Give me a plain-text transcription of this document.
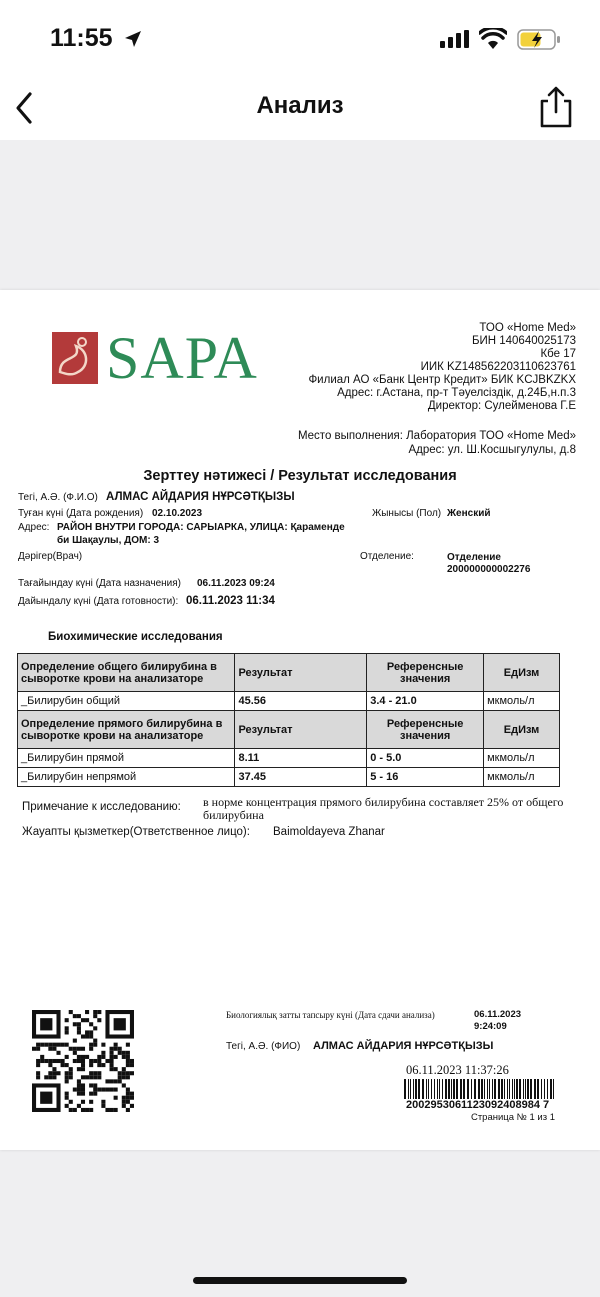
11:55
Анализ
SAPA	ТОО «Home Med»
БИН 140640025173
Кбе 17
ИИК KZ148562203110623761
Филиал АО «Банк Центр Кредит» БИК KCJBKZKX
Адрес: г.Астана, пр-т Тәуелсіздік, д.24Б,н.п.3
Директор: Сулейменова Г.Е
Место выполнения: Лаборатория ТОО «Home Med»
Адрес: ул. Ш.Косшыгулулы, д.8
Зерттеу нәтижесі / Результат исследования
Тегі, А.Ә. (Ф.И.О) АЛМАС АЙДАРИЯ НҰРСӘТҚЫЗЫ
Туған күні (Дата рождения) 02.10.2023	Жынысы (Пол) Женский
Адрес: РАЙОН ВНУТРИ ГОРОДА: САРЫАРКА, УЛИЦА: Қарамендe
би Шақаулы, ДОМ: 3
Дәрігер(Врач)	Отделение:	Отделение
200000000002276
Тағайындау күні (Дата назначения) 06.11.2023 09:24
Дайындалу күні (Дата готовности): 06.11.2023 11:34
Биохимические исследования
Определение общего билирубина в сыворотке крови на анализаторе	Результат	Референсные значения	ЕдИзм
_Билирубин общий	45.56	3.4 - 21.0	мкмоль/л
Определение прямого билирубина в сыворотке крови на анализаторе	Результат	Референсные значения	ЕдИзм
_Билирубин прямой	8.11	0 - 5.0	мкмоль/л
_Билирубин непрямой	37.45	5 - 16	мкмоль/л
Примечание к исследованию: в норме концентрация прямого билирубина составляет 25% от общего билирубина
Жауапты қызметкер(Ответственное лицо): Baimoldayeva Zhanar
Биологиялық затты тапсыру күні (Дата сдачи анализа)	06.11.2023
9:24:09
Тегі, А.Ә. (ФИО) АЛМАС АЙДАРИЯ НҰРСӘТҚЫЗЫ
06.11.2023 11:37:26
2002953061123092408984 7
Страница № 1 из 1
